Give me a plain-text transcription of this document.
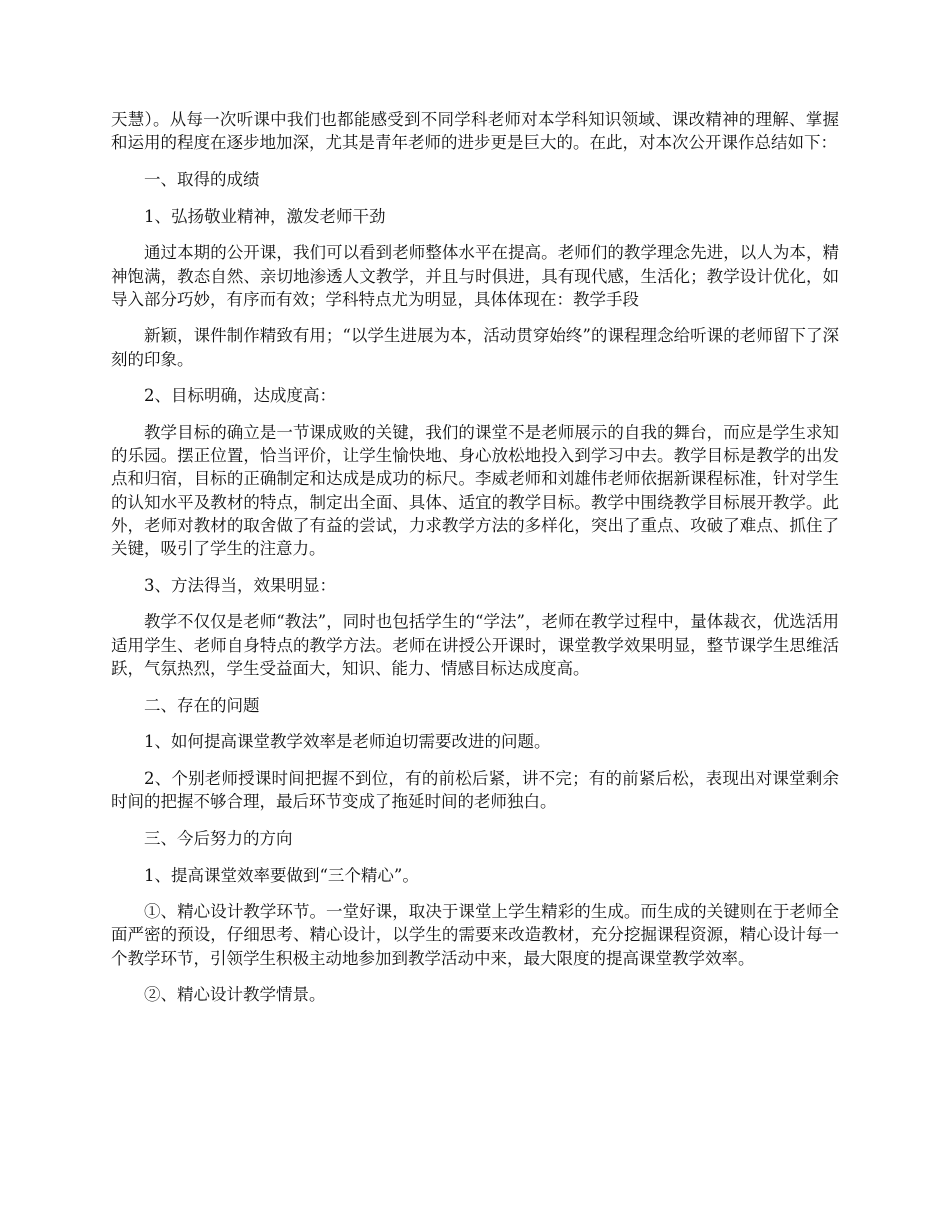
天慧）。从每一次听课中我们也都能感受到不同学科老师对本学科知识领域、课改精神的理解、掌握和运用的程度在逐步地加深，尤其是青年老师的进步更是巨大的。在此，对本次公开课作总结如下：

一、取得的成绩

1、弘扬敬业精神，激发老师干劲

通过本期的公开课，我们可以看到老师整体水平在提高。老师们的教学理念先进，以人为本，精神饱满，教态自然、亲切地渗透人文教学，并且与时俱进，具有现代感，生活化；教学设计优化，如导入部分巧妙，有序而有效；学科特点尤为明显，具体体现在：教学手段

新颖，课件制作精致有用；“以学生进展为本，活动贯穿始终”的课程理念给听课的老师留下了深刻的印象。

2、目标明确，达成度高：

教学目标的确立是一节课成败的关键，我们的课堂不是老师展示的自我的舞台，而应是学生求知的乐园。摆正位置，恰当评价，让学生愉快地、身心放松地投入到学习中去。教学目标是教学的出发点和归宿，目标的正确制定和达成是成功的标尺。李威老师和刘雄伟老师依据新课程标准，针对学生的认知水平及教材的特点，制定出全面、具体、适宜的教学目标。教学中围绕教学目标展开教学。此外，老师对教材的取舍做了有益的尝试，力求教学方法的多样化，突出了重点、攻破了难点、抓住了关键，吸引了学生的注意力。

3、方法得当，效果明显：

教学不仅仅是老师“教法”，同时也包括学生的“学法”，老师在教学过程中，量体裁衣，优选活用适用学生、老师自身特点的教学方法。老师在讲授公开课时，课堂教学效果明显，整节课学生思维活跃，气氛热烈，学生受益面大，知识、能力、情感目标达成度高。

二、存在的问题

1、如何提高课堂教学效率是老师迫切需要改进的问题。

2、个别老师授课时间把握不到位，有的前松后紧，讲不完；有的前紧后松，表现出对课堂剩余时间的把握不够合理，最后环节变成了拖延时间的老师独白。

三、今后努力的方向

1、提高课堂效率要做到“三个精心”。

①、精心设计教学环节。一堂好课，取决于课堂上学生精彩的生成。而生成的关键则在于老师全面严密的预设，仔细思考、精心设计，以学生的需要来改造教材，充分挖掘课程资源，精心设计每一个教学环节，引领学生积极主动地参加到教学活动中来，最大限度的提高课堂教学效率。

②、精心设计教学情景。
